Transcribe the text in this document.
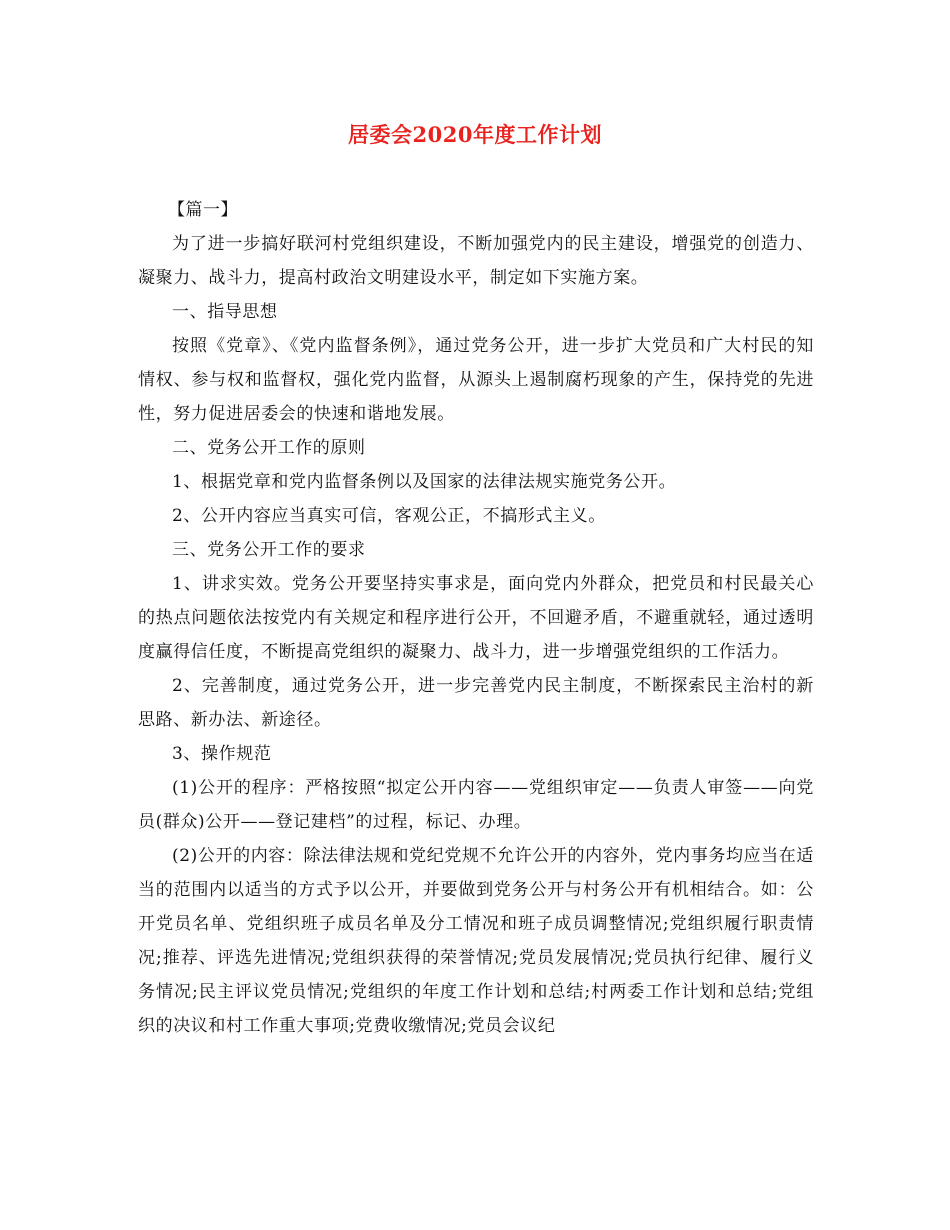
居委会2020年度工作计划

【篇一】

为了进一步搞好联河村党组织建设，不断加强党内的民主建设，增强党的创造力、凝聚力、战斗力，提高村政治文明建设水平，制定如下实施方案。

一、指导思想

按照《党章》、《党内监督条例》，通过党务公开，进一步扩大党员和广大村民的知情权、参与权和监督权，强化党内监督，从源头上遏制腐朽现象的产生，保持党的先进性，努力促进居委会的快速和谐地发展。

二、党务公开工作的原则

1、根据党章和党内监督条例以及国家的法律法规实施党务公开。

2、公开内容应当真实可信，客观公正，不搞形式主义。

三、党务公开工作的要求

1、讲求实效。党务公开要坚持实事求是，面向党内外群众，把党员和村民最关心的热点问题依法按党内有关规定和程序进行公开，不回避矛盾，不避重就轻，通过透明度赢得信任度，不断提高党组织的凝聚力、战斗力，进一步增强党组织的工作活力。

2、完善制度，通过党务公开，进一步完善党内民主制度，不断探索民主治村的新思路、新办法、新途径。

3、操作规范

(1)公开的程序：严格按照“拟定公开内容——党组织审定——负责人审签——向党员(群众)公开——登记建档”的过程，标记、办理。

(2)公开的内容：除法律法规和党纪党规不允许公开的内容外，党内事务均应当在适当的范围内以适当的方式予以公开，并要做到党务公开与村务公开有机相结合。如：公开党员名单、党组织班子成员名单及分工情况和班子成员调整情况;党组织履行职责情况;推荐、评选先进情况;党组织获得的荣誉情况;党员发展情况;党员执行纪律、履行义务情况;民主评议党员情况;党组织的年度工作计划和总结;村两委工作计划和总结;党组织的决议和村工作重大事项;党费收缴情况;党员会议纪
